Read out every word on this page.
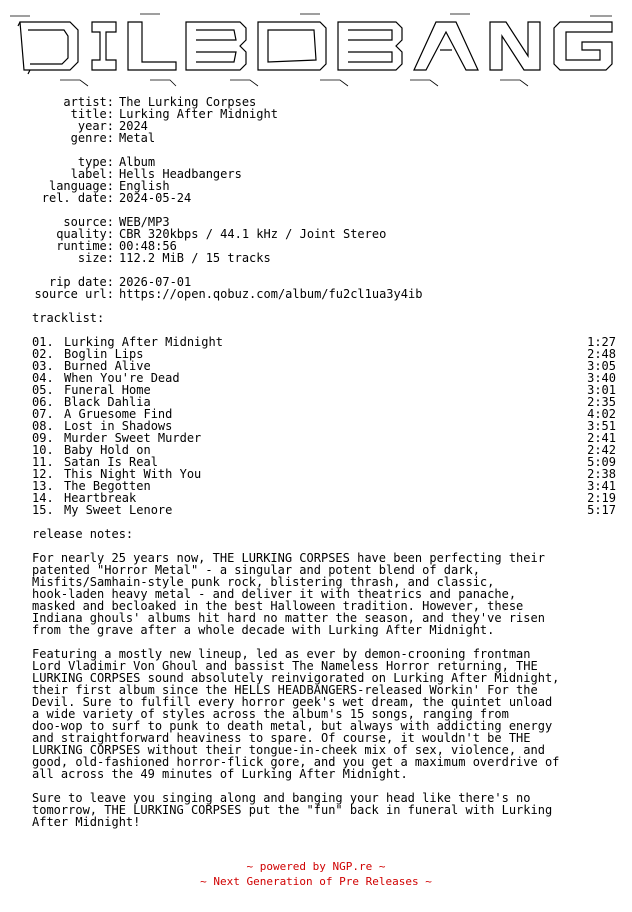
artist: The Lurking Corpses
title: Lurking After Midnight
year: 2024
genre: Metal
type: Album
label: Hells Headbangers
language: English
rel. date: 2024-05-24
source: WEB/MP3
quality: CBR 320kbps / 44.1 kHz / Joint Stereo
runtime: 00:48:56
size: 112.2 MiB / 15 tracks
rip date: 2026-07-01
source url: https://open.qobuz.com/album/fu2cl1ua3y4ib
tracklist:
01. Lurking After Midnight	1:27
02. Boglin Lips	2:48
03. Burned Alive	3:05
04. When You're Dead	3:40
05. Funeral Home	3:01
06. Black Dahlia	2:35
07. A Gruesome Find	4:02
08. Lost in Shadows	3:51
09. Murder Sweet Murder	2:41
10. Baby Hold on	2:42
11. Satan Is Real	5:09
12. This Night With You	2:38
13. The Begotten	3:41
14. Heartbreak	2:19
15. My Sweet Lenore	5:17
release notes:
For nearly 25 years now, THE LURKING CORPSES have been perfecting their
patented "Horror Metal" - a singular and potent blend of dark,
Misfits/Samhain-style punk rock, blistering thrash, and classic,
hook-laden heavy metal - and deliver it with theatrics and panache,
masked and becloaked in the best Halloween tradition. However, these
Indiana ghouls' albums hit hard no matter the season, and they've risen
from the grave after a whole decade with Lurking After Midnight.
Featuring a mostly new lineup, led as ever by demon-crooning frontman
Lord Vladimir Von Ghoul and bassist The Nameless Horror returning, THE
LURKING CORPSES sound absolutely reinvigorated on Lurking After Midnight,
their first album since the HELLS HEADBANGERS-released Workin' For the
Devil. Sure to fulfill every horror geek's wet dream, the quintet unload
a wide variety of styles across the album's 15 songs, ranging from
doo-wop to surf to punk to death metal, but always with addicting energy
and straightforward heaviness to spare. Of course, it wouldn't be THE
LURKING CORPSES without their tongue-in-cheek mix of sex, violence, and
good, old-fashioned horror-flick gore, and you get a maximum overdrive of
all across the 49 minutes of Lurking After Midnight.
Sure to leave you singing along and banging your head like there's no
tomorrow, THE LURKING CORPSES put the "fun" back in funeral with Lurking
After Midnight!
~ powered by NGP.re ~
~ Next Generation of Pre Releases ~
